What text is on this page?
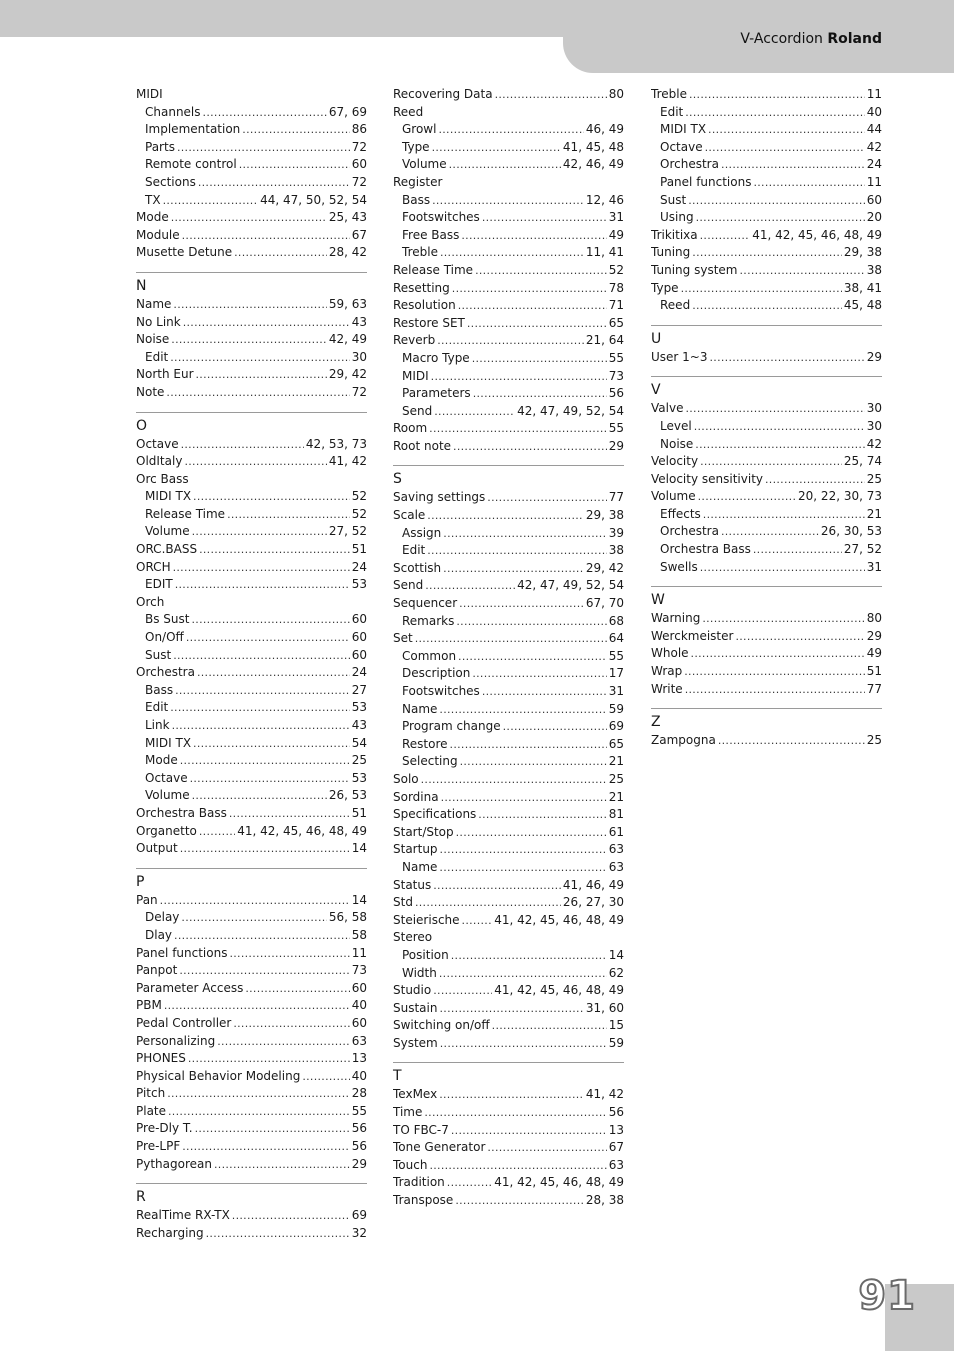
V-Accordion Roland
MIDI
Channels . . .	67, 69
Implementation . . .	86
Parts . . .	72
Remote control . . .	60
Sections . . .	72
TX . . .	44, 47, 50, 52, 54
Mode . . .	25, 43
Module . . .	67
Musette Detune . . .	28, 42
N
Name . . .	59, 63
No Link . . .	43
Noise . . .	42, 49
Edit . . .	30
North Eur . . .	29, 42
Note . . .	72
O
Octave . . .	42, 53, 73
OldItaly . . .	41, 42
Orc Bass
MIDI TX . . .	52
Release Time . . .	52
Volume . . .	27, 52
ORC.BASS . . .	51
ORCH . . .	24
EDIT . . .	53
Orch
Bs Sust . . .	60
On/Off . . .	60
Sust . . .	60
Orchestra . . .	24
Bass . . .	27
Edit . . .	53
Link . . .	43
MIDI TX . . .	54
Mode . . .	25
Octave . . .	53
Volume . . .	26, 53
Orchestra Bass . . .	51
Organetto . . .	41, 42, 45, 46, 48, 49
Output . . .	14
P
Pan . . .	14
Delay . . .	56, 58
Dlay . . .	58
Panel functions . . .	11
Panpot . . .	73
Parameter Access . . .	60
PBM . . .	40
Pedal Controller . . .	60
Personalizing . . .	63
PHONES . . .	13
Physical Behavior Modeling . . .	40
Pitch . . .	28
Plate . . .	55
Pre-Dly T. . . .	56
Pre-LPF . . .	56
Pythagorean . . .	29
R
RealTime RX-TX . . .	69
Recharging . . .	32
Recovering Data . . .	80
Reed
Growl . . .	46, 49
Type . . .	41, 45, 48
Volume . . .	42, 46, 49
Register
Bass . . .	12, 46
Footswitches . . .	31
Free Bass . . .	49
Treble . . .	11, 41
Release Time . . .	52
Resetting . . .	78
Resolution . . .	71
Restore SET . . .	65
Reverb . . .	21, 64
Macro Type . . .	55
MIDI . . .	73
Parameters . . .	56
Send . . .	42, 47, 49, 52, 54
Room . . .	55
Root note . . .	29
S
Saving settings . . .	77
Scale . . .	29, 38
Assign . . .	39
Edit . . .	38
Scottish . . .	29, 42
Send . . .	42, 47, 49, 52, 54
Sequencer . . .	67, 70
Remarks . . .	68
Set . . .	64
Common . . .	55
Description . . .	17
Footswitches . . .	31
Name . . .	59
Program change . . .	69
Restore . . .	65
Selecting . . .	21
Solo . . .	25
Sordina . . .	21
Specifications . . .	81
Start/Stop . . .	61
Startup . . .	63
Name . . .	63
Status . . .	41, 46, 49
Std . . .	26, 27, 30
Steierische . . .	41, 42, 45, 46, 48, 49
Stereo
Position . . .	14
Width . . .	62
Studio . . .	41, 42, 45, 46, 48, 49
Sustain . . .	31, 60
Switching on/off . . .	15
System . . .	59
T
TexMex . . .	41, 42
Time . . .	56
TO FBC-7 . . .	13
Tone Generator . . .	67
Touch . . .	63
Tradition . . .	41, 42, 45, 46, 48, 49
Transpose . . .	28, 38
Treble . . .	11
Edit . . .	40
MIDI TX . . .	44
Octave . . .	42
Orchestra . . .	24
Panel functions . . .	11
Sust . . .	60
Using . . .	20
Trikitixa . . .	41, 42, 45, 46, 48, 49
Tuning . . .	29, 38
Tuning system . . .	38
Type . . .	38, 41
Reed . . .	45, 48
U
User 1~3 . . .	29
V
Valve . . .	30
Level . . .	30
Noise . . .	42
Velocity . . .	25, 74
Velocity sensitivity . . .	25
Volume . . .	20, 22, 30, 73
Effects . . .	21
Orchestra . . .	26, 30, 53
Orchestra Bass . . .	27, 52
Swells . . .	31
W
Warning . . .	80
Werckmeister . . .	29
Whole . . .	49
Wrap . . .	51
Write . . .	77
Z
Zampogna . . .	25
91
